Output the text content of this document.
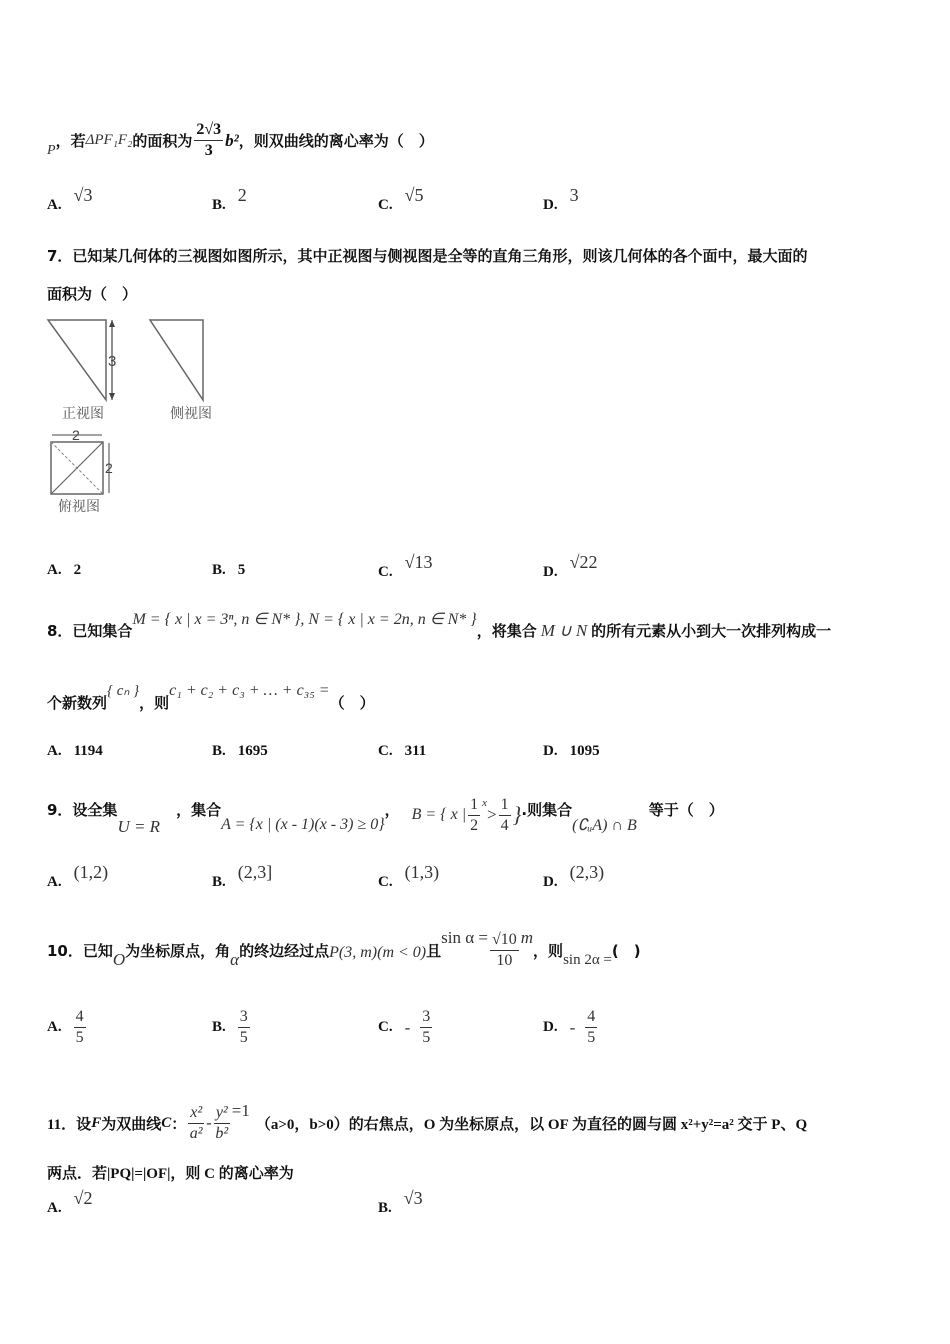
P ，若 ΔPF₁F₂ 的面积为 $\frac{2√3}{3} b^2$ ，则双曲线的离心率为（　）
A. √3	B. 2	C. √5	D. 3
7．已知某几何体的三视图如图所示，其中正视图与侧视图是全等的直角三角形，则该几何体的各个面中，最大面的
面积为（　）
3
正视图	侧视图
2
2
俯视图
A. 2	B. 5	C. √13	D. √22
8．已知集合
M = { x | x = 3ⁿ, n ∈ N* } , N = { x | x = 2n, n ∈ N* }
，将集合 M ∪ N 的所有元素从小到大一次排列构成一
个新数列
{ cₙ }
，则
c₁ + c₂ + c₃ + … + c₃₅ =
（　）
A. 1194	B. 1695	C. 311	D. 1095
9．设全集
U = R
，集合
A = {x | (x - 1)(x - 3) ≥ 0}
， B = { x | $\frac{1}{2}$ x
> $\frac{1}{4}$ } .则集合
(∁ᵤA) ∩ B
等于（　）
A. (1,2)	B. (2,3]	C. (1,3)	D. (2,3)
10．已知 O 为坐标原点，角 α 的终边经过点 P(3, m)(m < 0) 且
$\sin \alpha = \frac{√10}{10}$ m
，则 sin 2α = (　)
A. $\frac{4}{5}$	B. $\frac{3}{5}$	C. - $\frac{3}{5}$	D. - $\frac{4}{5}$
11．设 F 为双曲线 C ： $\frac{\text{x²}}{\text{a²}} - \frac{\text{y²}}{\text{b²}} =1$
（a>0，b>0）的右焦点，O 为坐标原点，以 OF 为直径的圆与圆 x²+y²=a² 交于 P、Q
两点．若|PQ|=|OF|，则 C 的离心率为
A. √2	B. √3
